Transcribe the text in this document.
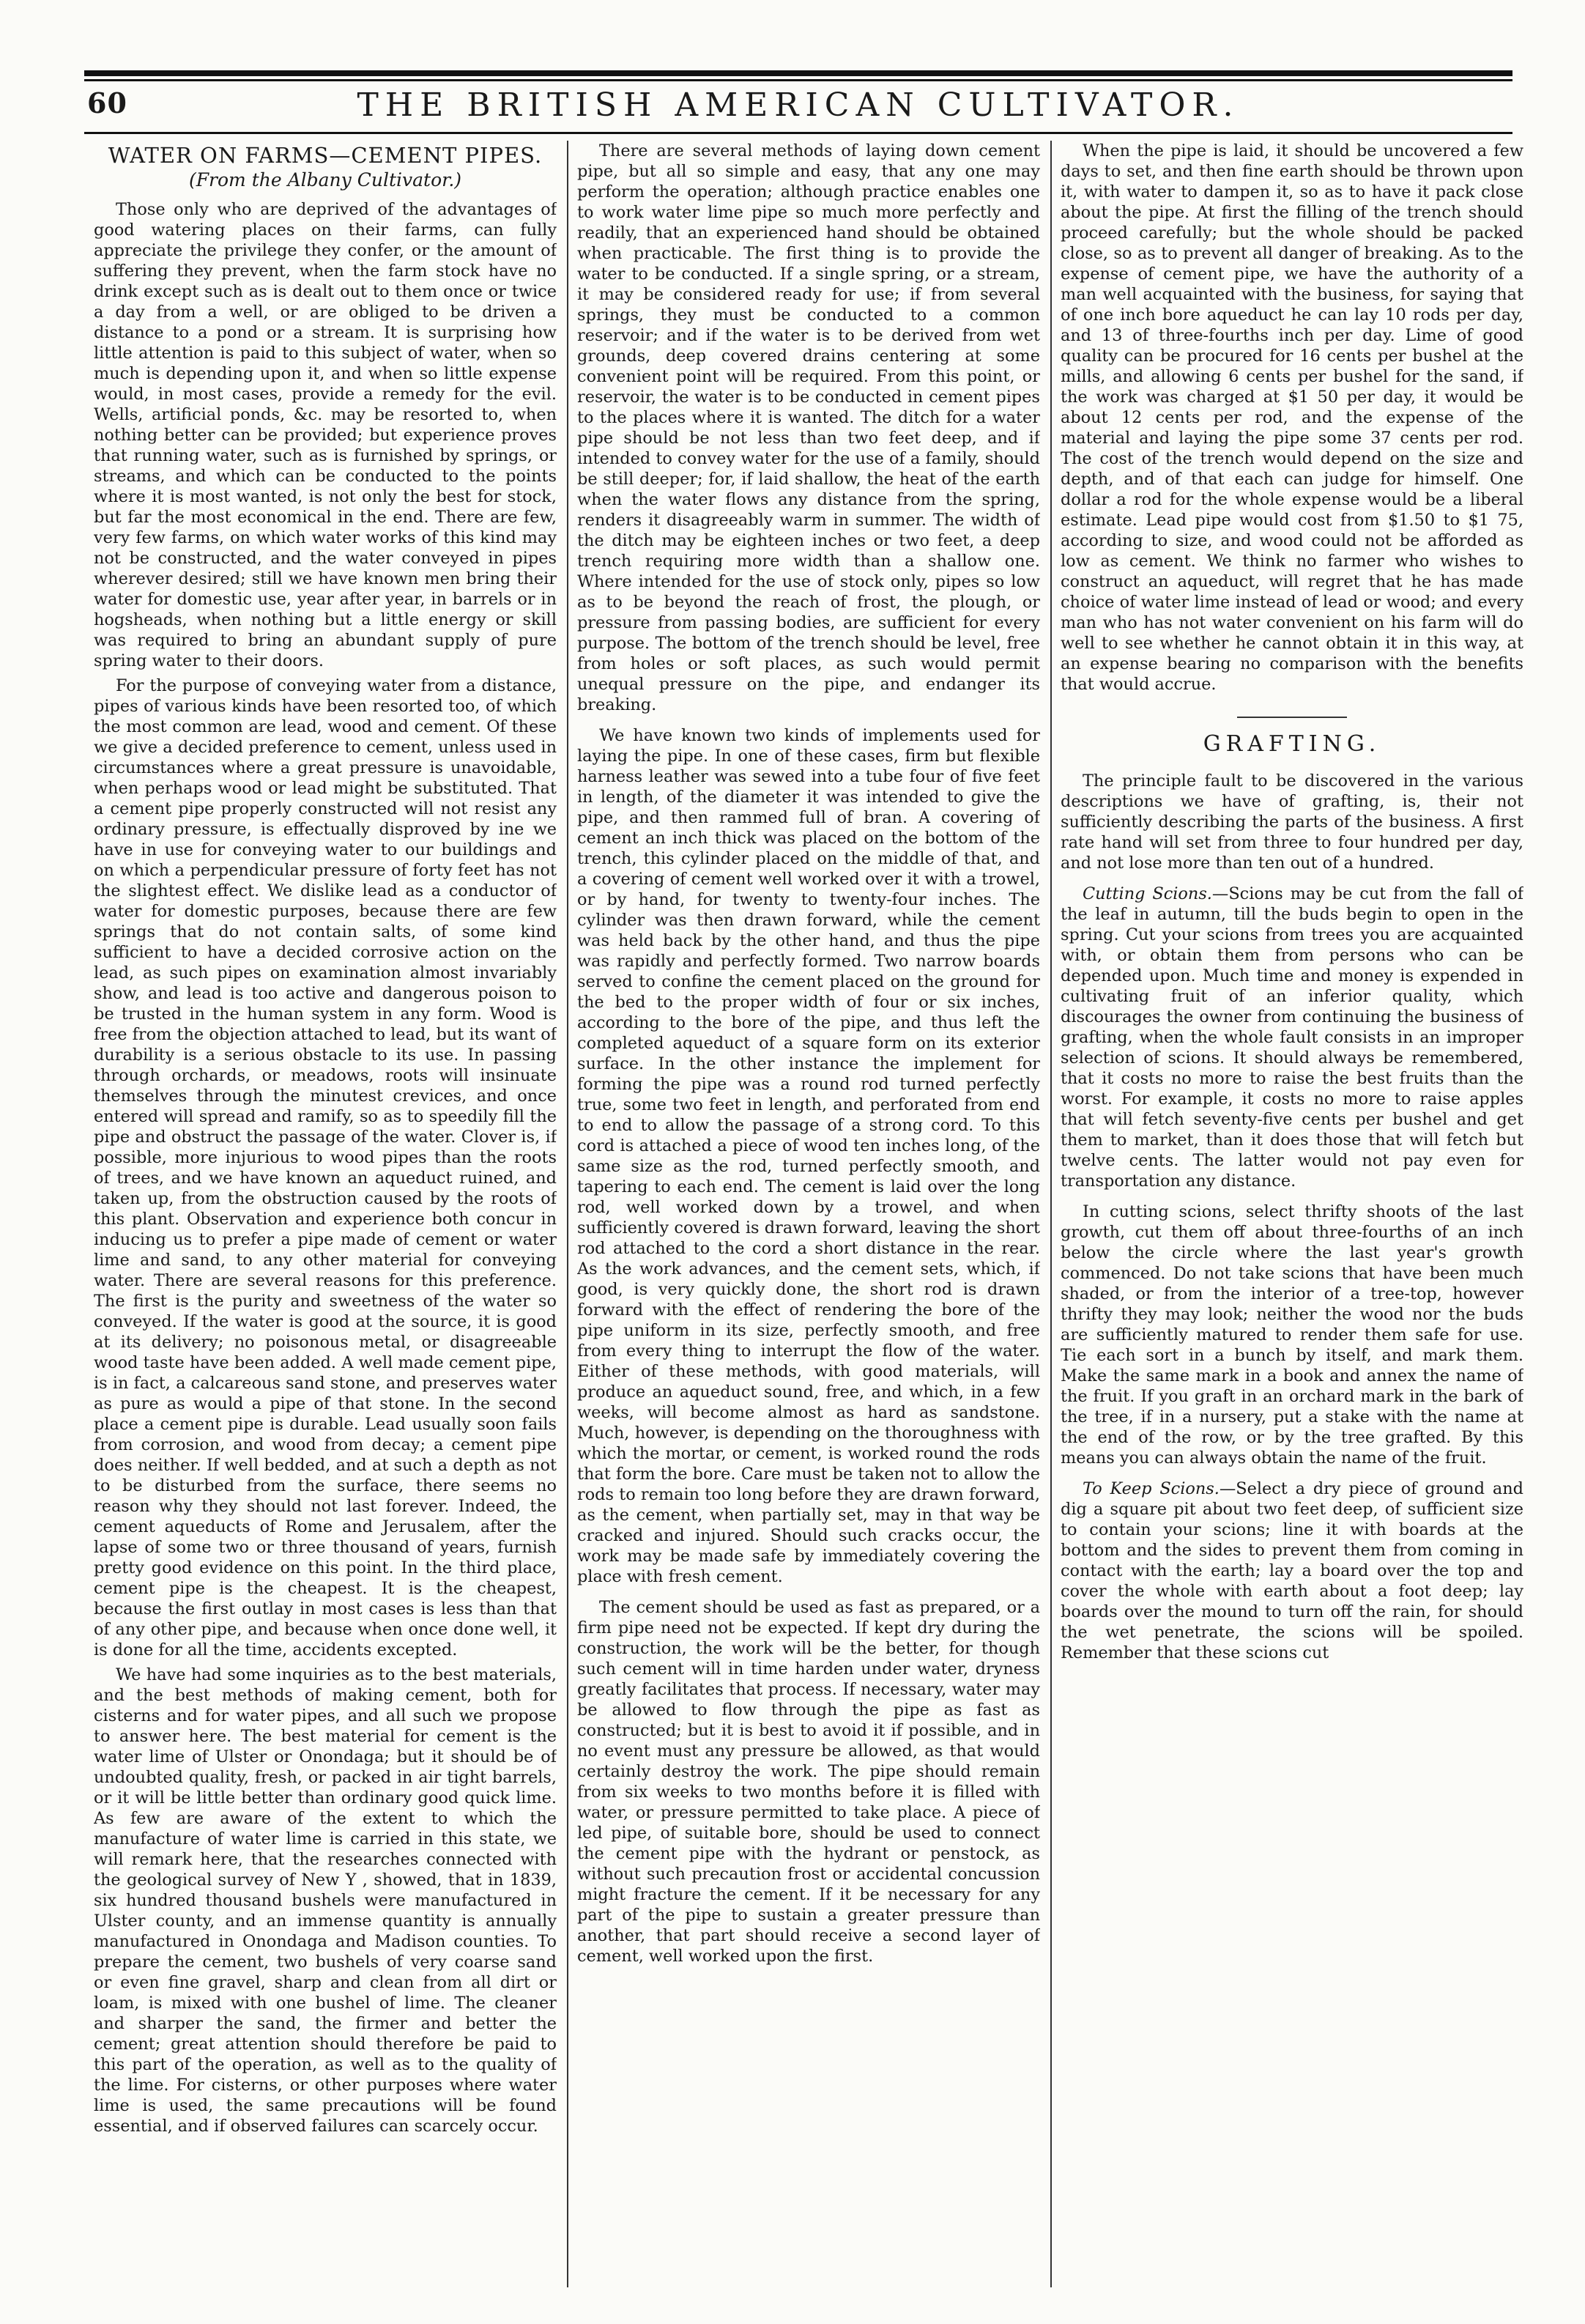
60	THE BRITISH AMERICAN CULTIVATOR.
WATER ON FARMS—CEMENT PIPES.
(From the Albany Cultivator.)

Those only who are deprived of the advantages of good watering places on their farms, can fully appreciate the privilege they confer, or the amount of suffering they prevent, when the farm stock have no drink except such as is dealt out to them once or twice a day from a well, or are obliged to be driven a distance to a pond or a stream. It is surprising how little attention is paid to this subject of water, when so much is depending upon it, and when so little expense would, in most cases, provide a remedy for the evil. Wells, artificial ponds, &c. may be resorted to, when nothing better can be provided; but experience proves that running water, such as is furnished by springs, or streams, and which can be conducted to the points where it is most wanted, is not only the best for stock, but far the most economical in the end. There are few, very few farms, on which water works of this kind may not be constructed, and the water conveyed in pipes wherever desired; still we have known men bring their water for domestic use, year after year, in barrels or in hogsheads, when nothing but a little energy or skill was required to bring an abundant supply of pure spring water to their doors.

For the purpose of conveying water from a distance, pipes of various kinds have been resorted too, of which the most common are lead, wood and cement. Of these we give a decided preference to cement, unless used in circumstances where a great pressure is unavoidable, when perhaps wood or lead might be substituted. That a cement pipe properly constructed will not resist any ordinary pressure, is effectually disproved by ine we have in use for conveying water to our buildings and on which a perpendicular pressure of forty feet has not the slightest effect. We dislike lead as a conductor of water for domestic purposes, because there are few springs that do not contain salts, of some kind sufficient to have a decided corrosive action on the lead, as such pipes on examination almost invariably show, and lead is too active and dangerous poison to be trusted in the human system in any form. Wood is free from the objection attached to lead, but its want of durability is a serious obstacle to its use. In passing through orchards, or meadows, roots will insinuate themselves through the minutest crevices, and once entered will spread and ramify, so as to speedily fill the pipe and obstruct the passage of the water. Clover is, if possible, more injurious to wood pipes than the roots of trees, and we have known an aqueduct ruined, and taken up, from the obstruction caused by the roots of this plant. Observation and experience both concur in inducing us to prefer a pipe made of cement or water lime and sand, to any other material for conveying water. There are several reasons for this preference. The first is the purity and sweetness of the water so conveyed. If the water is good at the source, it is good at its delivery; no poisonous metal, or disagreeable wood taste have been added. A well made cement pipe, is in fact, a calcareous sand stone, and preserves water as pure as would a pipe of that stone. In the second place a cement pipe is durable. Lead usually soon fails from corrosion, and wood from decay; a cement pipe does neither. If well bedded, and at such a depth as not to be disturbed from the surface, there seems no reason why they should not last forever. Indeed, the cement aqueducts of Rome and Jerusalem, after the lapse of some two or three thousand of years, furnish pretty good evidence on this point. In the third place, cement pipe is the cheapest. It is the cheapest, because the first outlay in most cases is less than that of any other pipe, and because when once done well, it is done for all the time, accidents excepted.

We have had some inquiries as to the best materials, and the best methods of making cement, both for cisterns and for water pipes, and all such we propose to answer here. The best material for cement is the water lime of Ulster or Onondaga; but it should be of undoubted quality, fresh, or packed in air tight barrels, or it will be little better than ordinary good quick lime. As few are aware of the extent to which the manufacture of water lime is carried in this state, we will remark here, that the researches connected with the geological survey of New Y , showed, that in 1839, six hundred thousand bushels were manufactured in Ulster county, and an immense quantity is annually manufactured in Onondaga and Madison counties. To prepare the cement, two bushels of very coarse sand or even fine gravel, sharp and clean from all dirt or loam, is mixed with one bushel of lime. The cleaner and sharper the sand, the firmer and better the cement; great attention should therefore be paid to this part of the operation, as well as to the quality of the lime. For cisterns, or other purposes where water lime is used, the same precautions will be found essential, and if observed failures can scarcely occur.

There are several methods of laying down cement pipe, but all so simple and easy, that any one may perform the operation; although practice enables one to work water lime pipe so much more perfectly and readily, that an experienced hand should be obtained when practicable. The first thing is to provide the water to be conducted. If a single spring, or a stream, it may be considered ready for use; if from several springs, they must be conducted to a common reservoir; and if the water is to be derived from wet grounds, deep covered drains centering at some convenient point will be required. From this point, or reservoir, the water is to be conducted in cement pipes to the places where it is wanted. The ditch for a water pipe should be not less than two feet deep, and if intended to convey water for the use of a family, should be still deeper; for, if laid shallow, the heat of the earth when the water flows any distance from the spring, renders it disagreeably warm in summer. The width of the ditch may be eighteen inches or two feet, a deep trench requiring more width than a shallow one. Where intended for the use of stock only, pipes so low as to be beyond the reach of frost, the plough, or pressure from passing bodies, are sufficient for every purpose. The bottom of the trench should be level, free from holes or soft places, as such would permit unequal pressure on the pipe, and endanger its breaking.

We have known two kinds of implements used for laying the pipe. In one of these cases, firm but flexible harness leather was sewed into a tube four of five feet in length, of the diameter it was intended to give the pipe, and then rammed full of bran. A covering of cement an inch thick was placed on the bottom of the trench, this cylinder placed on the middle of that, and a covering of cement well worked over it with a trowel, or by hand, for twenty to twenty-four inches. The cylinder was then drawn forward, while the cement was held back by the other hand, and thus the pipe was rapidly and perfectly formed. Two narrow boards served to confine the cement placed on the ground for the bed to the proper width of four or six inches, according to the bore of the pipe, and thus left the completed aqueduct of a square form on its exterior surface. In the other instance the implement for forming the pipe was a round rod turned perfectly true, some two feet in length, and perforated from end to end to allow the passage of a strong cord. To this cord is attached a piece of wood ten inches long, of the same size as the rod, turned perfectly smooth, and tapering to each end. The cement is laid over the long rod, well worked down by a trowel, and when sufficiently covered is drawn forward, leaving the short rod attached to the cord a short distance in the rear. As the work advances, and the cement sets, which, if good, is very quickly done, the short rod is drawn forward with the effect of rendering the bore of the pipe uniform in its size, perfectly smooth, and free from every thing to interrupt the flow of the water. Either of these methods, with good materials, will produce an aqueduct sound, free, and which, in a few weeks, will become almost as hard as sandstone. Much, however, is depending on the thoroughness with which the mortar, or cement, is worked round the rods that form the bore. Care must be taken not to allow the rods to remain too long before they are drawn forward, as the cement, when partially set, may in that way be cracked and injured. Should such cracks occur, the work may be made safe by immediately covering the place with fresh cement.

The cement should be used as fast as prepared, or a firm pipe need not be expected. If kept dry during the construction, the work will be the better, for though such cement will in time harden under water, dryness greatly facilitates that process. If necessary, water may be allowed to flow through the pipe as fast as constructed; but it is best to avoid it if possible, and in no event must any pressure be allowed, as that would certainly destroy the work. The pipe should remain from six weeks to two months before it is filled with water, or pressure permitted to take place. A piece of led pipe, of suitable bore, should be used to connect the cement pipe with the hydrant or penstock, as without such precaution frost or accidental concussion might fracture the cement. If it be necessary for any part of the pipe to sustain a greater pressure than another, that part should receive a second layer of cement, well worked upon the first.

When the pipe is laid, it should be uncovered a few days to set, and then fine earth should be thrown upon it, with water to dampen it, so as to have it pack close about the pipe. At first the filling of the trench should proceed carefully; but the whole should be packed close, so as to prevent all danger of breaking. As to the expense of cement pipe, we have the authority of a man well acquainted with the business, for saying that of one inch bore aqueduct he can lay 10 rods per day, and 13 of three-fourths inch per day. Lime of good quality can be procured for 16 cents per bushel at the mills, and allowing 6 cents per bushel for the sand, if the work was charged at $1 50 per day, it would be about 12 cents per rod, and the expense of the material and laying the pipe some 37 cents per rod. The cost of the trench would depend on the size and depth, and of that each can judge for himself. One dollar a rod for the whole expense would be a liberal estimate. Lead pipe would cost from $1.50 to $1 75, according to size, and wood could not be afforded as low as cement. We think no farmer who wishes to construct an aqueduct, will regret that he has made choice of water lime instead of lead or wood; and every man who has not water convenient on his farm will do well to see whether he cannot obtain it in this way, at an expense bearing no comparison with the benefits that would accrue.

GRAFTING.

The principle fault to be discovered in the various descriptions we have of grafting, is, their not sufficiently describing the parts of the business. A first rate hand will set from three to four hundred per day, and not lose more than ten out of a hundred.

Cutting Scions.—Scions may be cut from the fall of the leaf in autumn, till the buds begin to open in the spring. Cut your scions from trees you are acquainted with, or obtain them from persons who can be depended upon. Much time and money is expended in cultivating fruit of an inferior quality, which discourages the owner from continuing the business of grafting, when the whole fault consists in an improper selection of scions. It should always be remembered, that it costs no more to raise the best fruits than the worst. For example, it costs no more to raise apples that will fetch seventy-five cents per bushel and get them to market, than it does those that will fetch but twelve cents. The latter would not pay even for transportation any distance.

In cutting scions, select thrifty shoots of the last growth, cut them off about three-fourths of an inch below the circle where the last year's growth commenced. Do not take scions that have been much shaded, or from the interior of a tree-top, however thrifty they may look; neither the wood nor the buds are sufficiently matured to render them safe for use. Tie each sort in a bunch by itself, and mark them. Make the same mark in a book and annex the name of the fruit. If you graft in an orchard mark in the bark of the tree, if in a nursery, put a stake with the name at the end of the row, or by the tree grafted. By this means you can always obtain the name of the fruit.

To Keep Scions.—Select a dry piece of ground and dig a square pit about two feet deep, of sufficient size to contain your scions; line it with boards at the bottom and the sides to prevent them from coming in contact with the earth; lay a board over the top and cover the whole with earth about a foot deep; lay boards over the mound to turn off the rain, for should the wet penetrate, the scions will be spoiled. Remember that these scions cut
